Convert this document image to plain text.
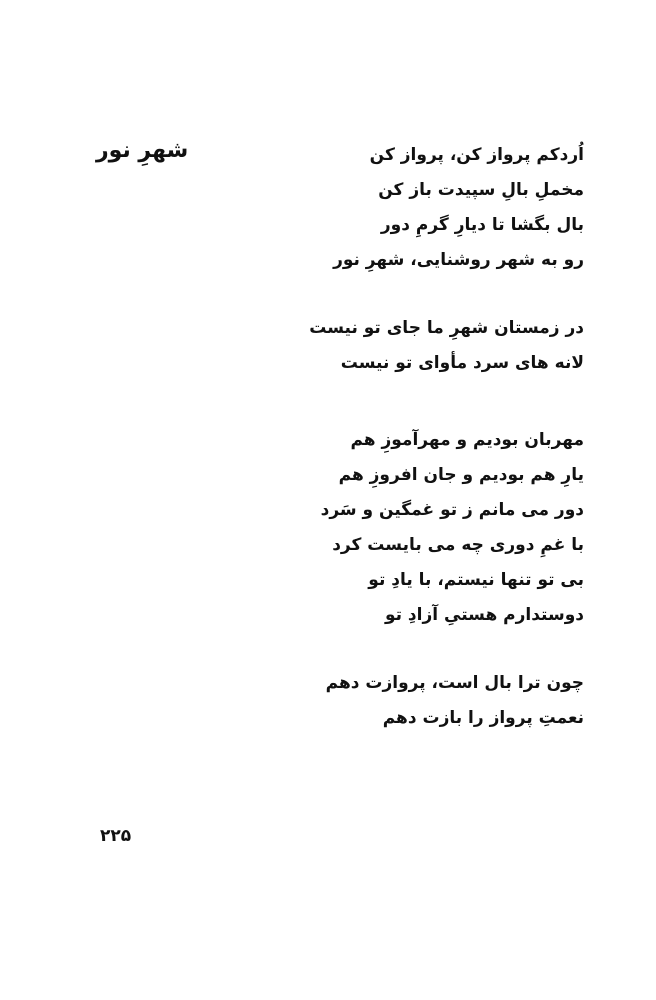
شهرِ نور	اُردکم پرواز کن، پرواز کن
مخملِ بالِ سپیدت باز کن
بال بگشا تا دیارِ گرمِ دور
رو به شهر روشنایی، شهرِ نور
در زمستان شهرِ ما جای تو نیست
لانه های سرد مأوای تو نیست
مهربان بودیم و مهرآموزِ هم
یارِ هم بودیم و جان افروزِ هم
دور می مانم ز تو غمگین و سَرد
با غمِ دوری چه می بایست کرد
بی تو تنها نیستم، با یادِ تو
دوستدارم هستیِ آزادِ تو
چون ترا بال است، پروازت دهم
نعمتِ پرواز را بازت دهم
۲۲۵
